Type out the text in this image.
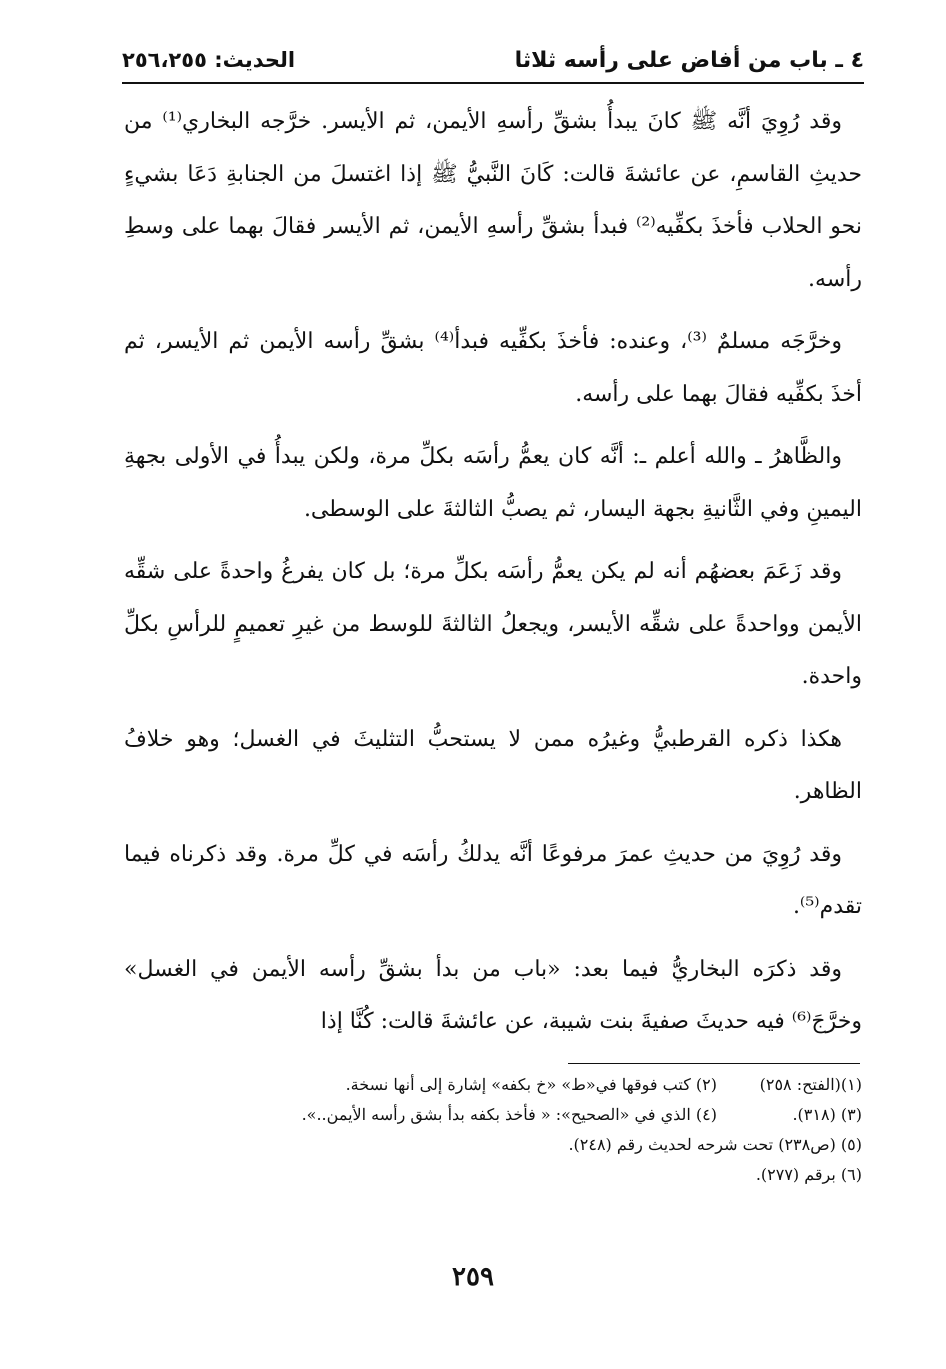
٤ ـ باب من أفاض على رأسه ثلاثا
الحديث: ٢٥٦،٢٥٥

وقد رُوِيَ أنَّه ﷺ كانَ يبدأُ بشقِّ رأسهِ الأيمن، ثم الأيسر. خرَّجه البخاري⁽¹⁾ من حديثِ القاسمِ، عن عائشةَ قالت: كَانَ النَّبيُّ ﷺ إذا اغتسلَ من الجنابةِ دَعَا بشيءٍ نحو الحلاب فأخذَ بكفِّيه⁽²⁾ فبدأ بشقِّ رأسهِ الأيمن، ثم الأيسر فقالَ بهما على وسطِ رأسه.

وخرَّجَه مسلمٌ ⁽³⁾، وعنده: فأخذَ بكفِّيه فبدأ⁽⁴⁾ بشقِّ رأسه الأيمن ثم الأيسر، ثم أخذَ بكفِّيه فقالَ بهما على رأسه.

والظَّاهرُ ـ والله أعلم ـ: أنَّه كان يعمُّ رأسَه بكلِّ مرة، ولكن يبدأُ في الأولى بجهةِ اليمينِ وفي الثَّانيةِ بجهة اليسار، ثم يصبُّ الثالثةَ على الوسطى.

وقد زَعَمَ بعضهُم أنه لم يكن يعمُّ رأسَه بكلِّ مرة؛ بل كان يفرغُ واحدةً على شقِّه الأيمن وواحدةً على شقِّه الأيسر، ويجعلُ الثالثةَ للوسط من غيرِ تعميمٍ للرأسِ بكلِّ واحدة.

هكذا ذكره القرطبيُّ وغيرُه ممن لا يستحبُّ التثليثَ في الغسل؛ وهو خلافُ الظاهر.

وقد رُوِيَ من حديثِ عمرَ مرفوعًا أنَّه يدلكُ رأسَه في كلِّ مرة. وقد ذكرناه فيما تقدم⁽⁵⁾.

وقد ذكرَه البخاريُّ فيما بعد: «باب من بدأ بشقِّ رأسه الأيمن في الغسل» وخرَّجَ⁽⁶⁾ فيه حديثَ صفيةَ بنت شيبة، عن عائشةَ قالت: كُنَّا إذا

(١)(الفتح: ٢٥٨)
(٢) كتب فوقها في«ط» «خ بكفه» إشارة إلى أنها نسخة.
(٣) (٣١٨).
(٤) الذي في «الصحيح»: « فأخذ بكفه بدأ بشق رأسه الأيمن..».
(٥) (ص٢٣٨) تحت شرحه لحديث رقم (٢٤٨).
(٦) برقم (٢٧٧).
٢٥٩
